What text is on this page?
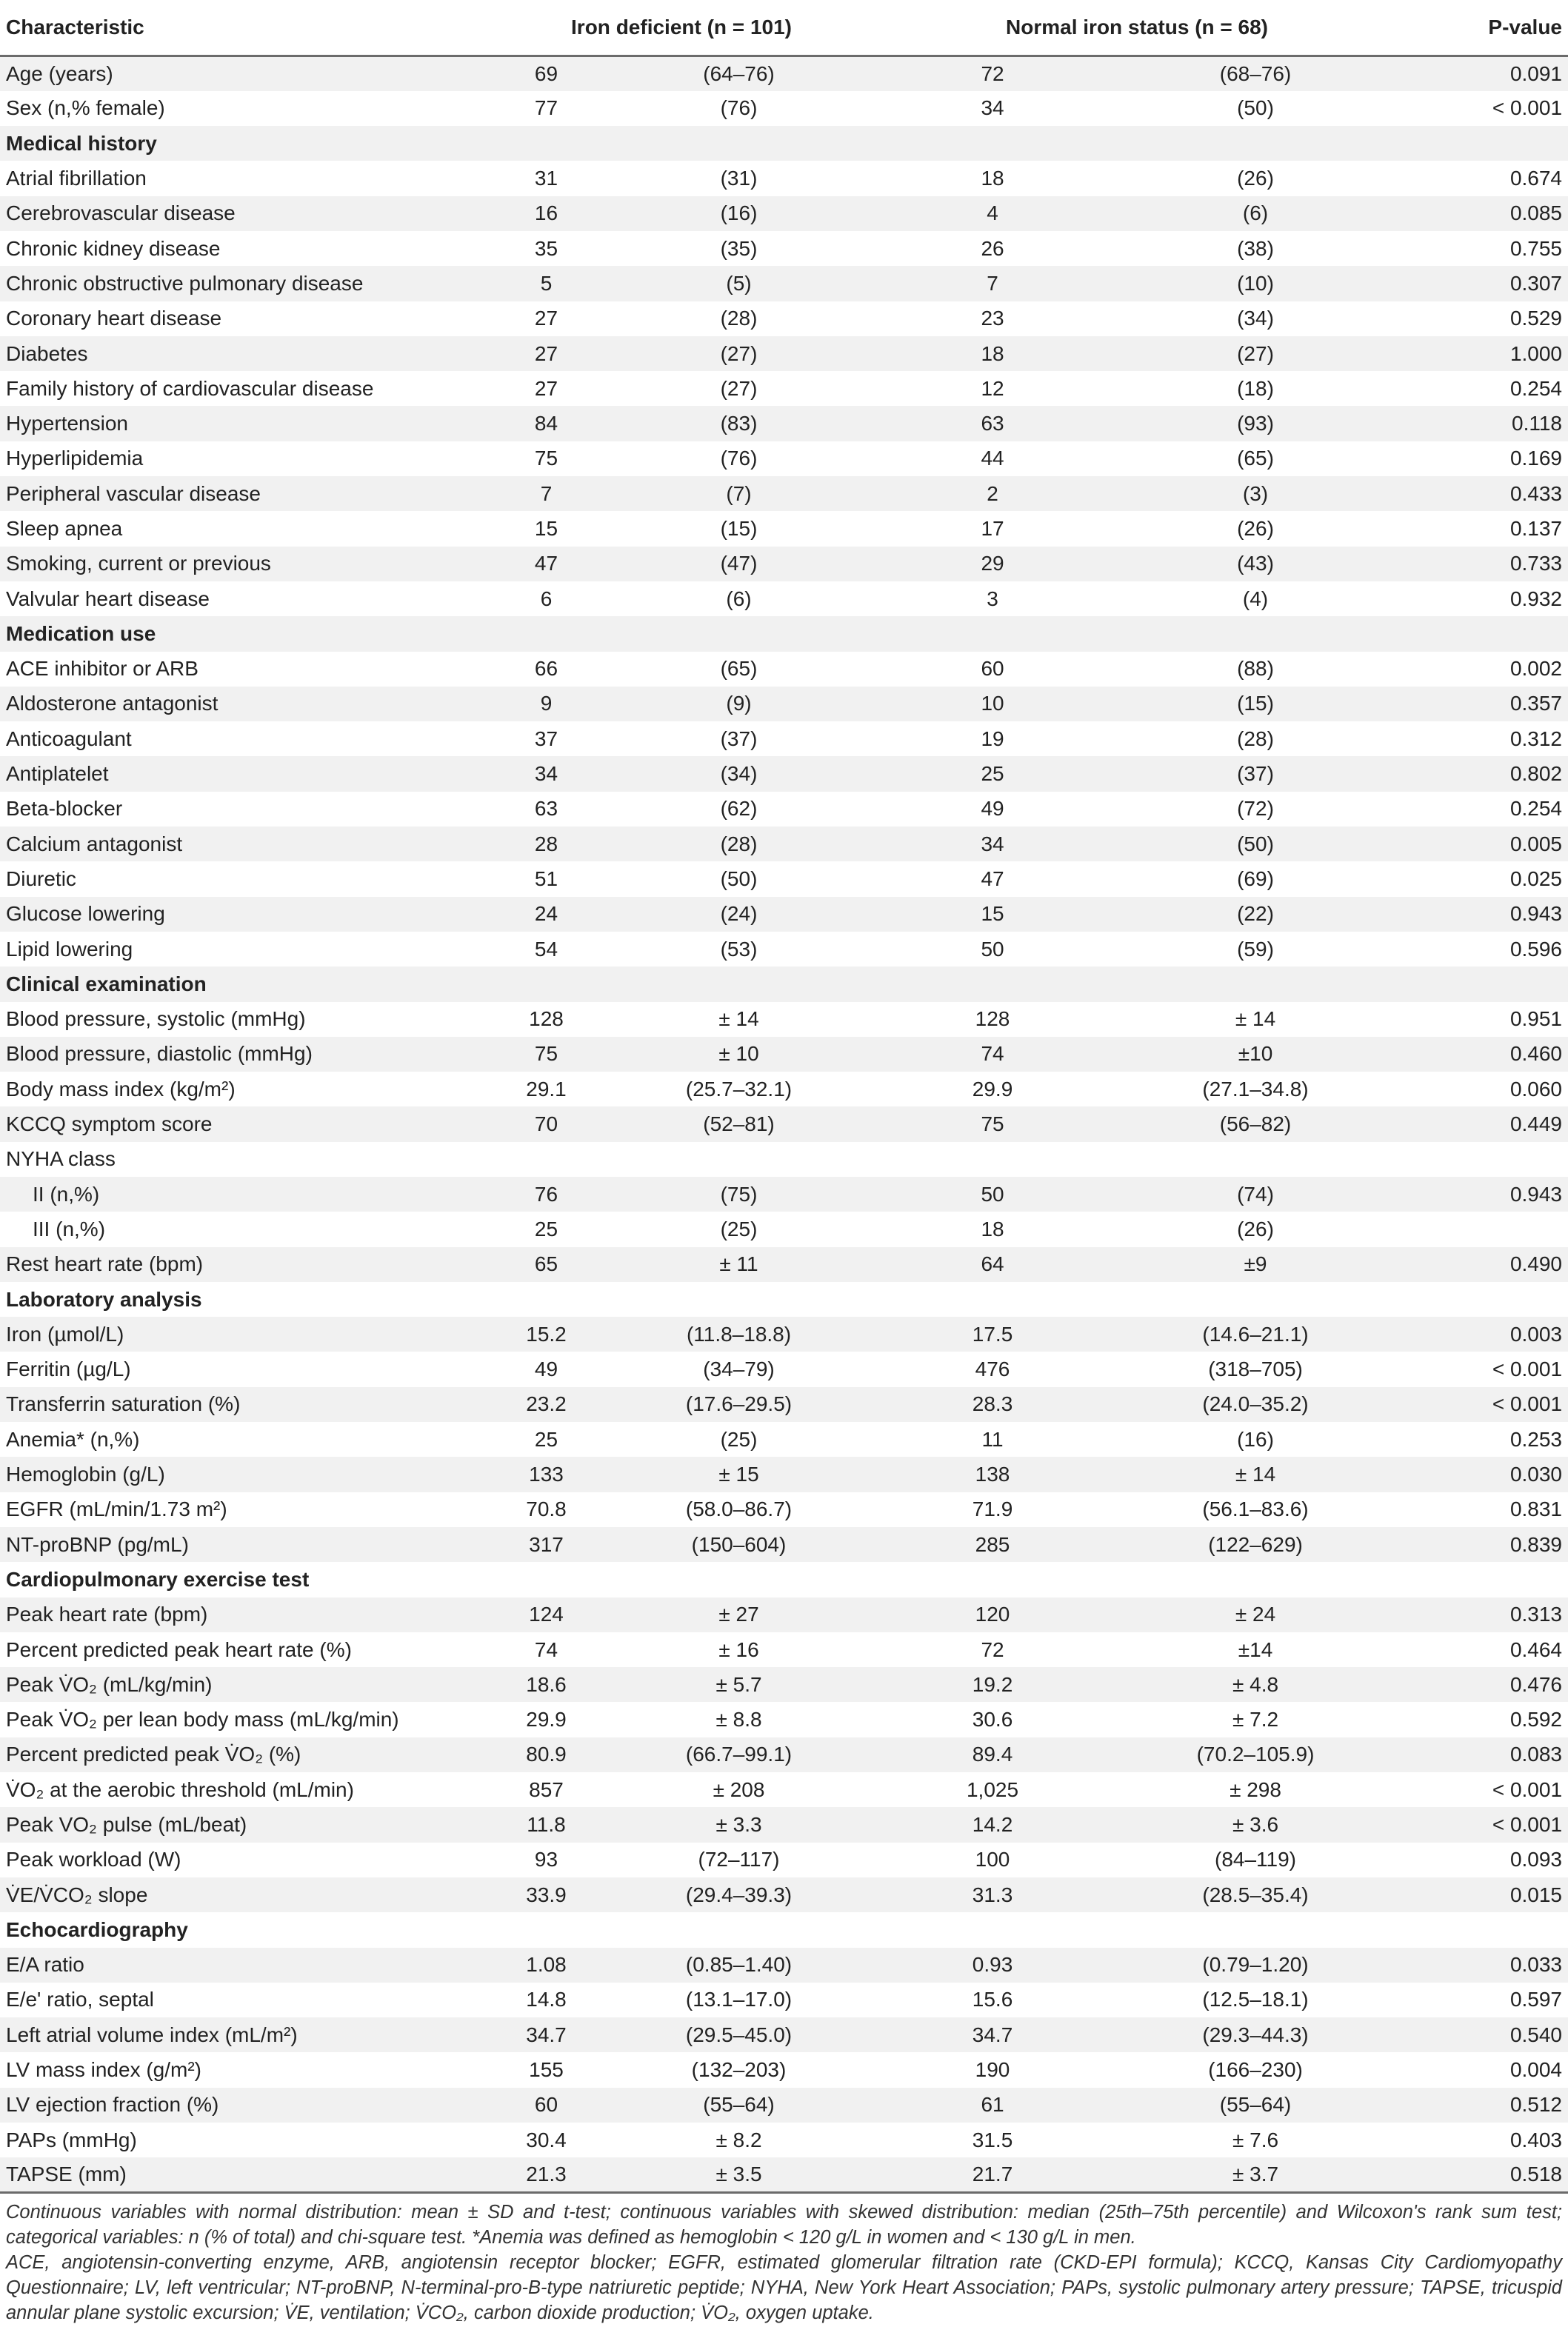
Characteristic	Iron deficient (n = 101)		Normal iron status (n = 68)		P-value
Age (years)	69	(64–76)	72	(68–76)	0.091
Sex (n,% female)	77	(76)	34	(50)	< 0.001
Medical history					
Atrial fibrillation	31	(31)	18	(26)	0.674
Cerebrovascular disease	16	(16)	4	(6)	0.085
Chronic kidney disease	35	(35)	26	(38)	0.755
Chronic obstructive pulmonary disease	5	(5)	7	(10)	0.307
Coronary heart disease	27	(28)	23	(34)	0.529
Diabetes	27	(27)	18	(27)	1.000
Family history of cardiovascular disease	27	(27)	12	(18)	0.254
Hypertension	84	(83)	63	(93)	0.118
Hyperlipidemia	75	(76)	44	(65)	0.169
Peripheral vascular disease	7	(7)	2	(3)	0.433
Sleep apnea	15	(15)	17	(26)	0.137
Smoking, current or previous	47	(47)	29	(43)	0.733
Valvular heart disease	6	(6)	3	(4)	0.932
Medication use					
ACE inhibitor or ARB	66	(65)	60	(88)	0.002
Aldosterone antagonist	9	(9)	10	(15)	0.357
Anticoagulant	37	(37)	19	(28)	0.312
Antiplatelet	34	(34)	25	(37)	0.802
Beta-blocker	63	(62)	49	(72)	0.254
Calcium antagonist	28	(28)	34	(50)	0.005
Diuretic	51	(50)	47	(69)	0.025
Glucose lowering	24	(24)	15	(22)	0.943
Lipid lowering	54	(53)	50	(59)	0.596
Clinical examination					
Blood pressure, systolic (mmHg)	128	± 14	128	± 14	0.951
Blood pressure, diastolic (mmHg)	75	± 10	74	±10	0.460
Body mass index (kg/m²)	29.1	(25.7–32.1)	29.9	(27.1–34.8)	0.060
KCCQ symptom score	70	(52–81)	75	(56–82)	0.449
NYHA class					
II (n,%)	76	(75)	50	(74)	0.943
III (n,%)	25	(25)	18	(26)	
Rest heart rate (bpm)	65	± 11	64	±9	0.490
Laboratory analysis					
Iron (µmol/L)	15.2	(11.8–18.8)	17.5	(14.6–21.1)	0.003
Ferritin (µg/L)	49	(34–79)	476	(318–705)	< 0.001
Transferrin saturation (%)	23.2	(17.6–29.5)	28.3	(24.0–35.2)	< 0.001
Anemia* (n,%)	25	(25)	11	(16)	0.253
Hemoglobin (g/L)	133	± 15	138	± 14	0.030
EGFR (mL/min/1.73 m²)	70.8	(58.0–86.7)	71.9	(56.1–83.6)	0.831
NT-proBNP (pg/mL)	317	(150–604)	285	(122–629)	0.839
Cardiopulmonary exercise test					
Peak heart rate (bpm)	124	± 27	120	± 24	0.313
Percent predicted peak heart rate (%)	74	± 16	72	±14	0.464
Peak V̇O₂ (mL/kg/min)	18.6	± 5.7	19.2	± 4.8	0.476
Peak V̇O₂ per lean body mass (mL/kg/min)	29.9	± 8.8	30.6	± 7.2	0.592
Percent predicted peak V̇O₂ (%)	80.9	(66.7–99.1)	89.4	(70.2–105.9)	0.083
V̇O₂ at the aerobic threshold (mL/min)	857	± 208	1,025	± 298	< 0.001
Peak VO₂ pulse (mL/beat)	11.8	± 3.3	14.2	± 3.6	< 0.001
Peak workload (W)	93	(72–117)	100	(84–119)	0.093
V̇E/V̇CO₂ slope	33.9	(29.4–39.3)	31.3	(28.5–35.4)	0.015
Echocardiography					
E/A ratio	1.08	(0.85–1.40)	0.93	(0.79–1.20)	0.033
E/e' ratio, septal	14.8	(13.1–17.0)	15.6	(12.5–18.1)	0.597
Left atrial volume index (mL/m²)	34.7	(29.5–45.0)	34.7	(29.3–44.3)	0.540
LV mass index (g/m²)	155	(132–203)	190	(166–230)	0.004
LV ejection fraction (%)	60	(55–64)	61	(55–64)	0.512
PAPs (mmHg)	30.4	± 8.2	31.5	± 7.6	0.403
TAPSE (mm)	21.3	± 3.5	21.7	± 3.7	0.518

Continuous variables with normal distribution: mean ± SD and t-test; continuous variables with skewed distribution: median (25th–75th percentile) and Wilcoxon's rank sum test; categorical variables: n (% of total) and chi-square test. *Anemia was defined as hemoglobin < 120 g/L in women and < 130 g/L in men.

ACE, angiotensin-converting enzyme, ARB, angiotensin receptor blocker; EGFR, estimated glomerular filtration rate (CKD-EPI formula); KCCQ, Kansas City Cardiomyopathy Questionnaire; LV, left ventricular; NT-proBNP, N-terminal-pro-B-type natriuretic peptide; NYHA, New York Heart Association; PAPs, systolic pulmonary artery pressure; TAPSE, tricuspid annular plane systolic excursion; V̇E, ventilation; V̇CO₂, carbon dioxide production; V̇O₂, oxygen uptake.
